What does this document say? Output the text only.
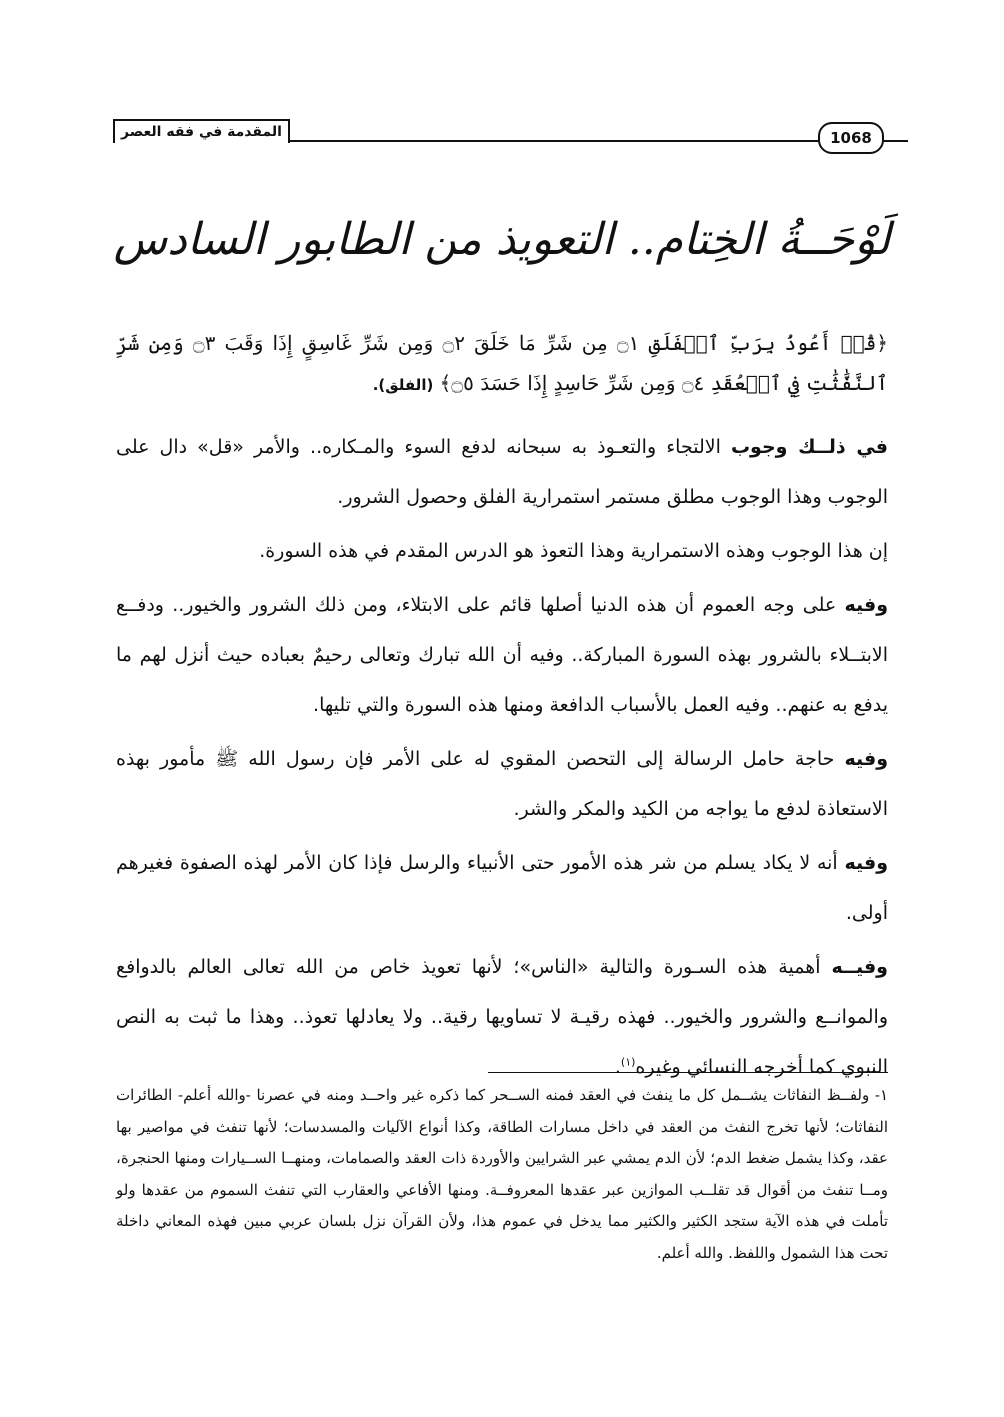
المقدمة في فقه العصر	1068
لَوْحَــةُ الخِتام.. التعويذ من الطابور السادس
﴿قُلۡ أَعُوذُ بِرَبِّ ٱلۡفَلَقِ ۝١ مِن شَرِّ مَا خَلَقَ ۝٢ وَمِن شَرِّ غَاسِقٍ إِذَا وَقَبَ ۝٣ وَمِن شَرِّ ٱلنَّفَّٰثَٰتِ فِي ٱلۡعُقَدِ ۝٤ وَمِن شَرِّ حَاسِدٍ إِذَا حَسَدَ ۝٥﴾ (الفلق).

في ذلــك وجوب الالتجاء والتعـوذ به سبحانه لدفع السوء والمـكاره.. والأمر «قل» دال على الوجوب وهذا الوجوب مطلق مستمر استمرارية الفلق وحصول الشرور.

إن هذا الوجوب وهذه الاستمرارية وهذا التعوذ هو الدرس المقدم في هذه السورة.

وفيه على وجه العموم أن هذه الدنيا أصلها قائم على الابتلاء، ومن ذلك الشرور والخيور.. ودفــع الابتــلاء بالشرور بهذه السورة المباركة.. وفيه أن الله تبارك وتعالى رحيمٌ بعباده حيث أنزل لهم ما يدفع به عنهم.. وفيه العمل بالأسباب الدافعة ومنها هذه السورة والتي تليها.

وفيه حاجة حامل الرسالة إلى التحصن المقوي له على الأمر فإن رسول الله ﷺ مأمور بهذه الاستعاذة لدفع ما يواجه من الكيد والمكر والشر.

وفيه أنه لا يكاد يسلم من شر هذه الأمور حتى الأنبياء والرسل فإذا كان الأمر لهذه الصفوة فغيرهم أولى.

وفيــه أهمية هذه السـورة والتالية «الناس»؛ لأنها تعويذ خاص من الله تعالى العالم بالدوافع والموانــع والشرور والخيور.. فهذه رقيـة لا تساويها رقية.. ولا يعادلها تعوذ.. وهذا ما ثبت به النص النبوي كما أخرجه النسائي وغيره$^{(١)}$.

١- ولفــظ النفاثات يشــمل كل ما ينفث في العقد فمنه الســحر كما ذكره غير واحــد ومنه في عصرنا -والله أعلم- الطائرات النفاثات؛ لأنها تخرج النفث من العقد في داخل مسارات الطاقة، وكذا أنواع الآليات والمسدسات؛ لأنها تنفث في مواصير بها عقد، وكذا يشمل ضغط الدم؛ لأن الدم يمشي عبر الشرايين والأوردة ذات العقد والصمامات، ومنهــا الســيارات ومنها الحنجرة، ومــا تنفث من أقوال قد تقلــب الموازين عبر عقدها المعروفــة. ومنها الأفاعي والعقارب التي تنفث السموم من عقدها ولو تأملت في هذه الآية ستجد الكثير والكثير مما يدخل في عموم هذا، ولأن القرآن نزل بلسان عربي مبين فهذه المعاني داخلة تحت هذا الشمول واللفظ. والله أعلم.
